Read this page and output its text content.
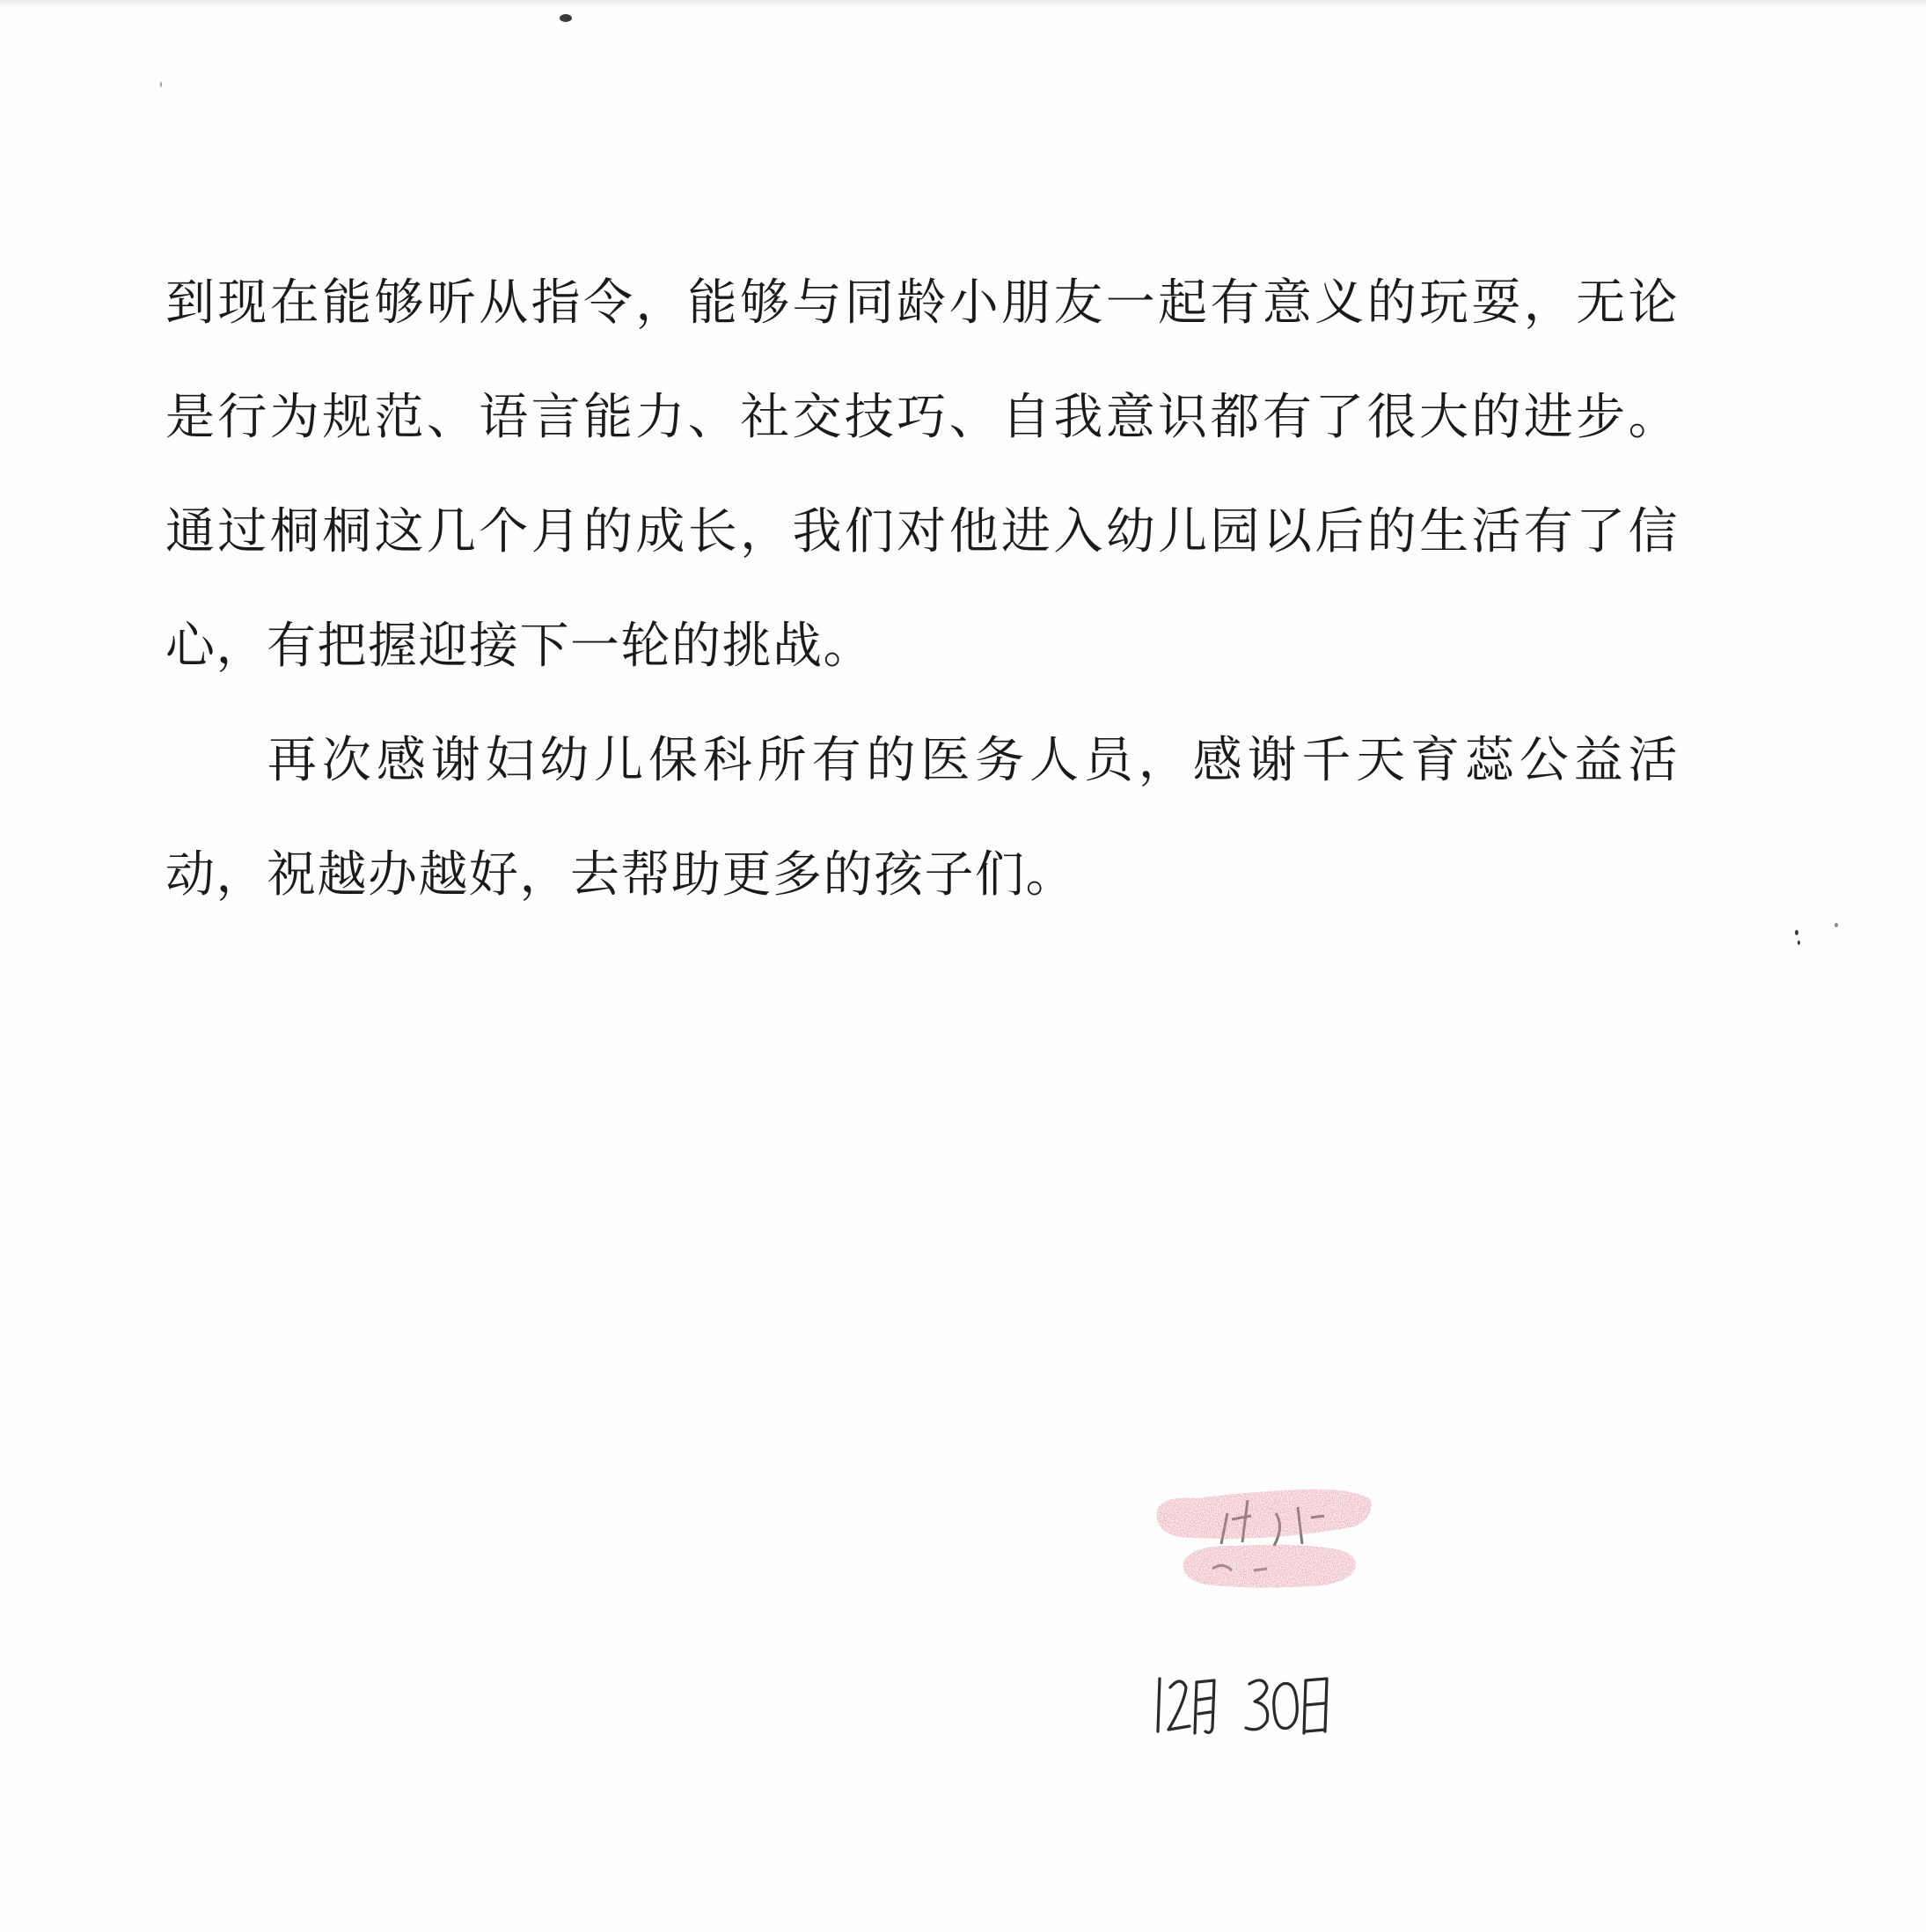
到现在能够听从指令，能够与同龄小朋友一起有意义的玩耍，无论是行为规范、语言能力、社交技巧、自我意识都有了很大的进步。通过桐桐这几个月的成长，我们对他进入幼儿园以后的生活有了信心，有把握迎接下一轮的挑战。

再次感谢妇幼儿保科所有的医务人员，感谢千天育蕊公益活动，祝越办越好，去帮助更多的孩子们。
